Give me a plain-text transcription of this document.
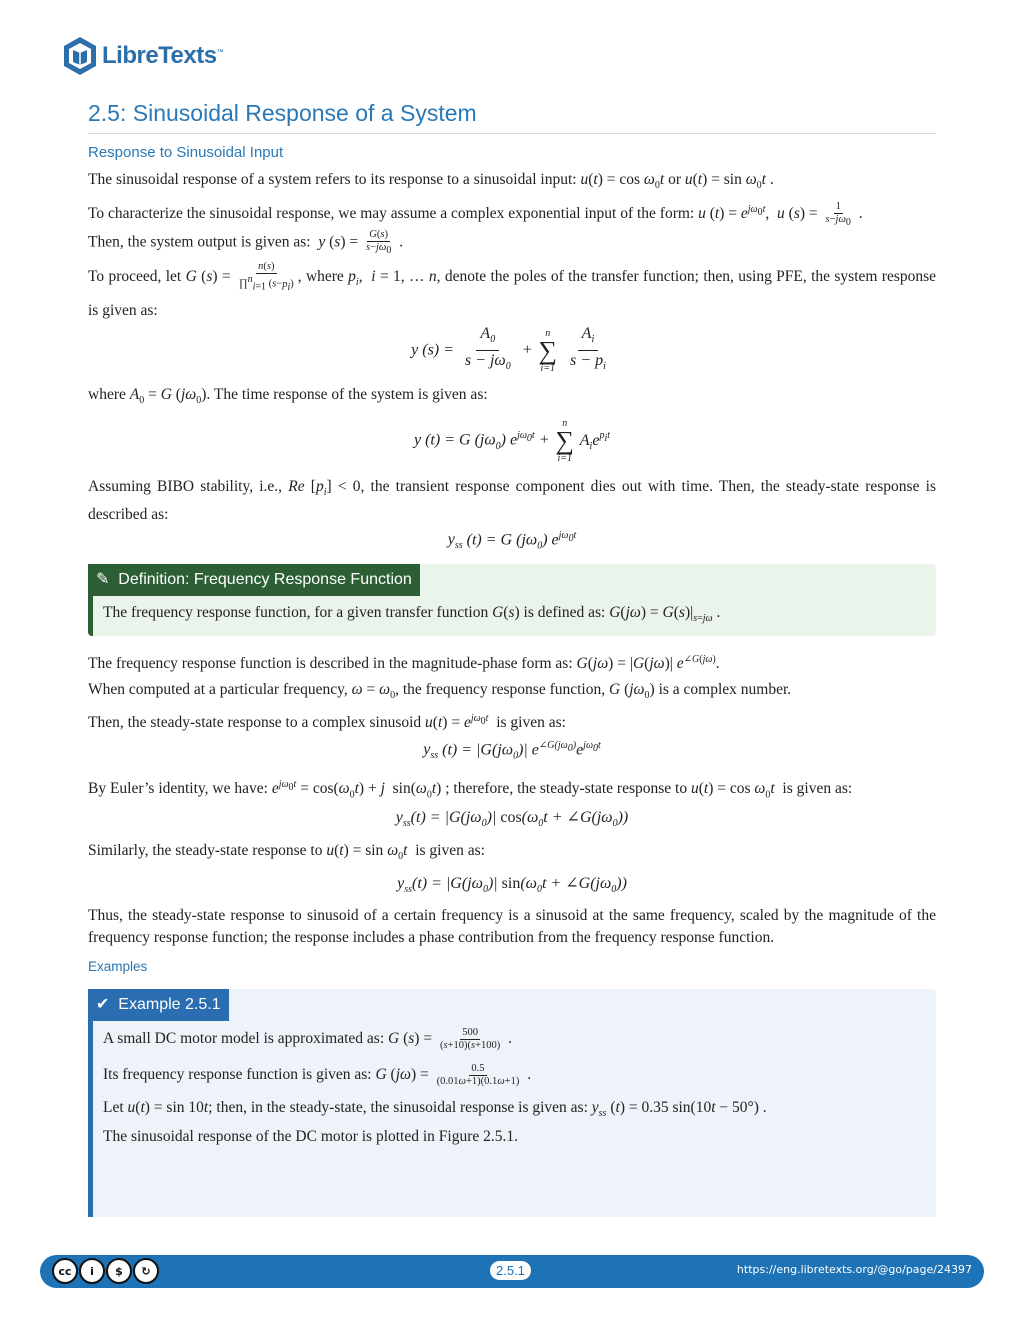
LibreTexts ™
2.5: Sinusoidal Response of a System
Response to Sinusoidal Input
The sinusoidal response of a system refers to its response to a sinusoidal input: $u(t) = \cos \omega_0t$ or $u(t) = \sin \omega_0t$ .
To characterize the sinusoidal response, we may assume a complex exponential input of the form: u $(t) = e^{j\omega_0t}$,  u $(s) = \frac{1}{s-j\omega_0}$ .
Then, the system output is given as: y $(s) = \frac{G(s)}{s-j\omega_0}$ .
To proceed, let G $(s) = \frac{n(s)}{\prod^n_{i=1} (s-p_i)}$ , where $p_i$,  i = 1, … n, denote the poles of the transfer function; then, using PFE, the system response is given as:
y $(s) = \frac{A_0}{s - j\omega_0}$ +
n
∑
i=1
$\frac{A_i}{s - p_i}$
where $A_0 = G$ $(j\omega_0)$. The time response of the system is given as:
y (t) = G $(j\omega_0) e^{j\omega_0t}$ +
n
∑
i=1
$A_ie^{p_it}$
Assuming BIBO stability, i.e., Re $[p_i] < 0$, the transient response component dies out with time. Then, the steady-state response is described as:
$y_{ss}$ (t) = G $(j\omega_0)$ $e^{j\omega_0t}$
✎ Definition: Frequency Response Function
The frequency response function, for a given transfer function G(s) is defined as: $G(j\omega) = G(s)|_{s=j\omega}$ .
The frequency response function is described in the magnitude-phase form as: G(jω) = |G(jω)| $e^{\angle G(j\omega)}$.
When computed at a particular frequency, $\omega = \omega_0$, the frequency response function, G $(j\omega_0)$ is a complex number.
Then, the steady-state response to a complex sinusoid $u(t) = e^{j\omega_0t}$ is given as:
$y_{ss}$ $(t) = |G(j\omega_0)|$ $e^{\angle G(j\omega_0)}e^{j\omega_0t}$
By Euler’s identity, we have: $e^{j\omega_0t} = \cos(\omega_0t) + j$  $\sin(\omega_0t)$ ; therefore, the steady-state response to $u(t) = \cos \omega_0t$ is given as:
$y_{ss}(t) = |G(j\omega_0)|$ $\cos(\omega_0t$ + $\angle G(j\omega_0)$)
Similarly, the steady-state response to $u(t) = \sin \omega_0t$ is given as:
$y_{ss}(t) = |G(j\omega_0)|$ $\sin(\omega_0t$ + $\angle G(j\omega_0)$)
Thus, the steady-state response to sinusoid of a certain frequency is a sinusoid at the same frequency, scaled by the magnitude of the frequency response function; the response includes a phase contribution from the frequency response function.
Examples
✔ Example 2.5.1
A small DC motor model is approximated as: G $(s) = \frac{500}{(s+10)(s+100)}$ .
Its frequency response function is given as: G $(j\omega) = \frac{0.5}{(0.01\omega+1)(0.1\omega+1)}$ .
Let u(t) = sin 10t; then, in the steady-state, the sinusoidal response is given as: $y_{ss}$ (t) = 0.35 sin(10t − 50°) .
The sinusoidal response of the DC motor is plotted in Figure 2.5.1.
cc	i	$	↻	2.5.1	https://eng.libretexts.org/@go/page/24397
